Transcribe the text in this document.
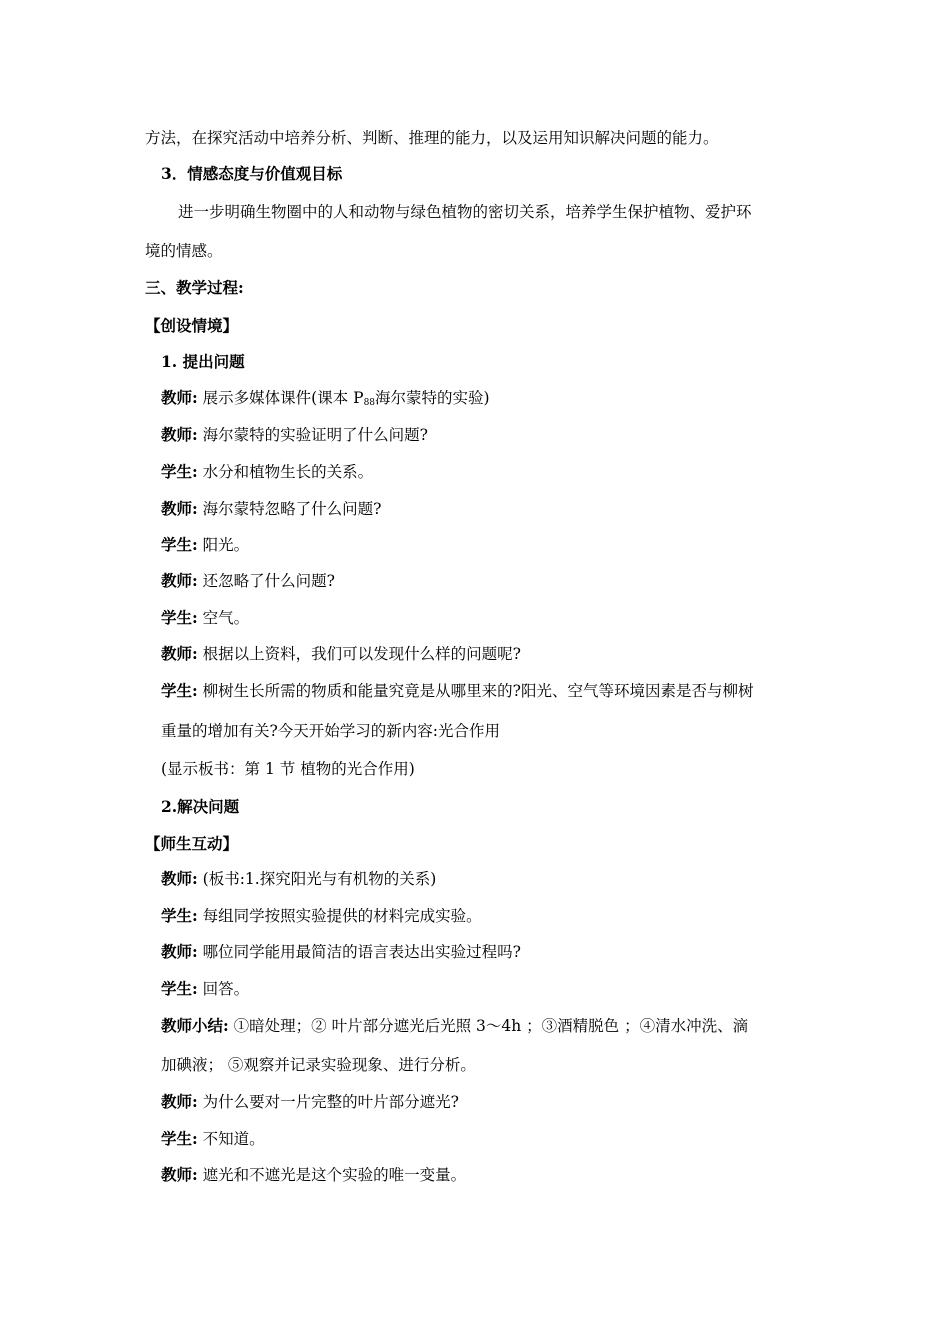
方法，在探究活动中培养分析、判断、推理的能力，以及运用知识解决问题的能力。
3．情感态度与价值观目标
进一步明确生物圈中的人和动物与绿色植物的密切关系，培养学生保护植物、爱护环
境的情感。
三、教学过程:
【创设情境】
1. 提出问题
教师: 展示多媒体课件(课本 $P_{88}$海尔蒙特的实验)
教师: 海尔蒙特的实验证明了什么问题?
学生: 水分和植物生长的关系。
教师: 海尔蒙特忽略了什么问题?
学生: 阳光。
教师: 还忽略了什么问题?
学生: 空气。
教师: 根据以上资料，我们可以发现什么样的问题呢?
学生: 柳树生长所需的物质和能量究竟是从哪里来的?阳光、空气等环境因素是否与柳树
重量的增加有关?今天开始学习的新内容:光合作用
(显示板书：第 1 节 植物的光合作用)
2.解决问题
【师生互动】
教师: (板书:1.探究阳光与有机物的关系)
学生: 每组同学按照实验提供的材料完成实验。
教师: 哪位同学能用最简洁的语言表达出实验过程吗?
学生: 回答。
教师小结: ①暗处理；② 叶片部分遮光后光照 3～4h ；③酒精脱色 ；④清水冲洗、滴
加碘液； ⑤观察并记录实验现象、进行分析。
教师: 为什么要对一片完整的叶片部分遮光?
学生: 不知道。
教师: 遮光和不遮光是这个实验的唯一变量。
